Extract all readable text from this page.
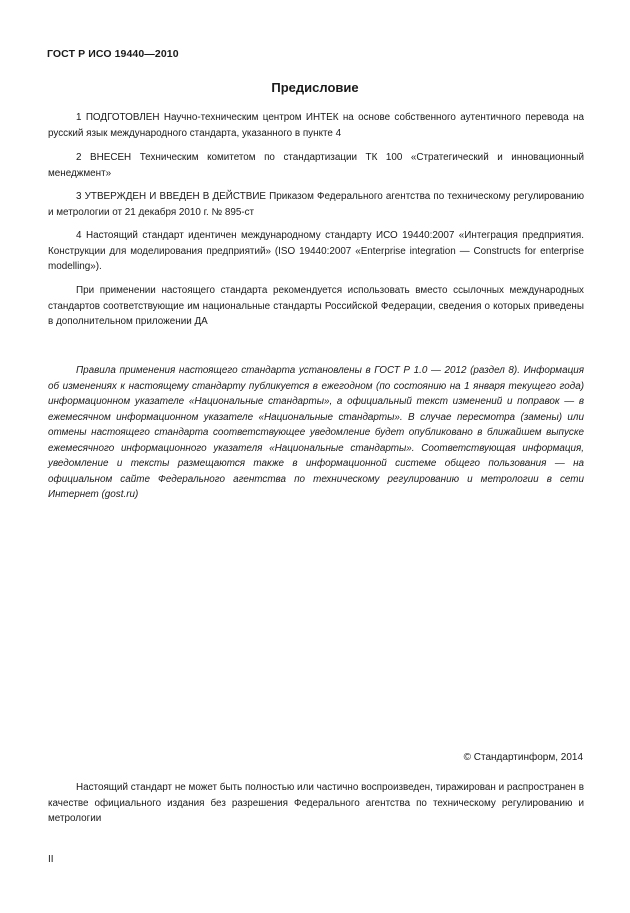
ГОСТ Р ИСО 19440—2010
Предисловие

1 ПОДГОТОВЛЕН Научно-техническим центром ИНТЕК на основе собственного аутентичного перевода на русский язык международного стандарта, указанного в пункте 4

2 ВНЕСЕН Техническим комитетом по стандартизации ТК 100 «Стратегический и инновационный менеджмент»

3 УТВЕРЖДЕН И ВВЕДЕН В ДЕЙСТВИЕ Приказом Федерального агентства по техническому регулированию и метрологии от 21 декабря 2010 г. № 895-ст

4 Настоящий стандарт идентичен международному стандарту ИСО 19440:2007 «Интеграция предприятия. Конструкции для моделирования предприятий» (ISO 19440:2007 «Enterprise integration — Constructs for enterprise modelling»).

При применении настоящего стандарта рекомендуется использовать вместо ссылочных международных стандартов соответствующие им национальные стандарты Российской Федерации, сведения о которых приведены в дополнительном приложении ДА

Правила применения настоящего стандарта установлены в ГОСТ Р 1.0 — 2012 (раздел 8). Информация об изменениях к настоящему стандарту публикуется в ежегодном (по состоянию на 1 января текущего года) информационном указателе «Национальные стандарты», а официальный текст изменений и поправок — в ежемесячном информационном указателе «Национальные стандарты». В случае пересмотра (замены) или отмены настоящего стандарта соответствующее уведомление будет опубликовано в ближайшем выпуске ежемесячного информационного указателя «Национальные стандарты». Соответствующая информация, уведомление и тексты размещаются также в информационной системе общего пользования — на официальном сайте Федерального агентства по техническому регулированию и метрологии в сети Интернет (gost.ru)
© Стандартинформ, 2014
Настоящий стандарт не может быть полностью или частично воспроизведен, тиражирован и распространен в качестве официального издания без разрешения Федерального агентства по техническому регулированию и метрологии
II
